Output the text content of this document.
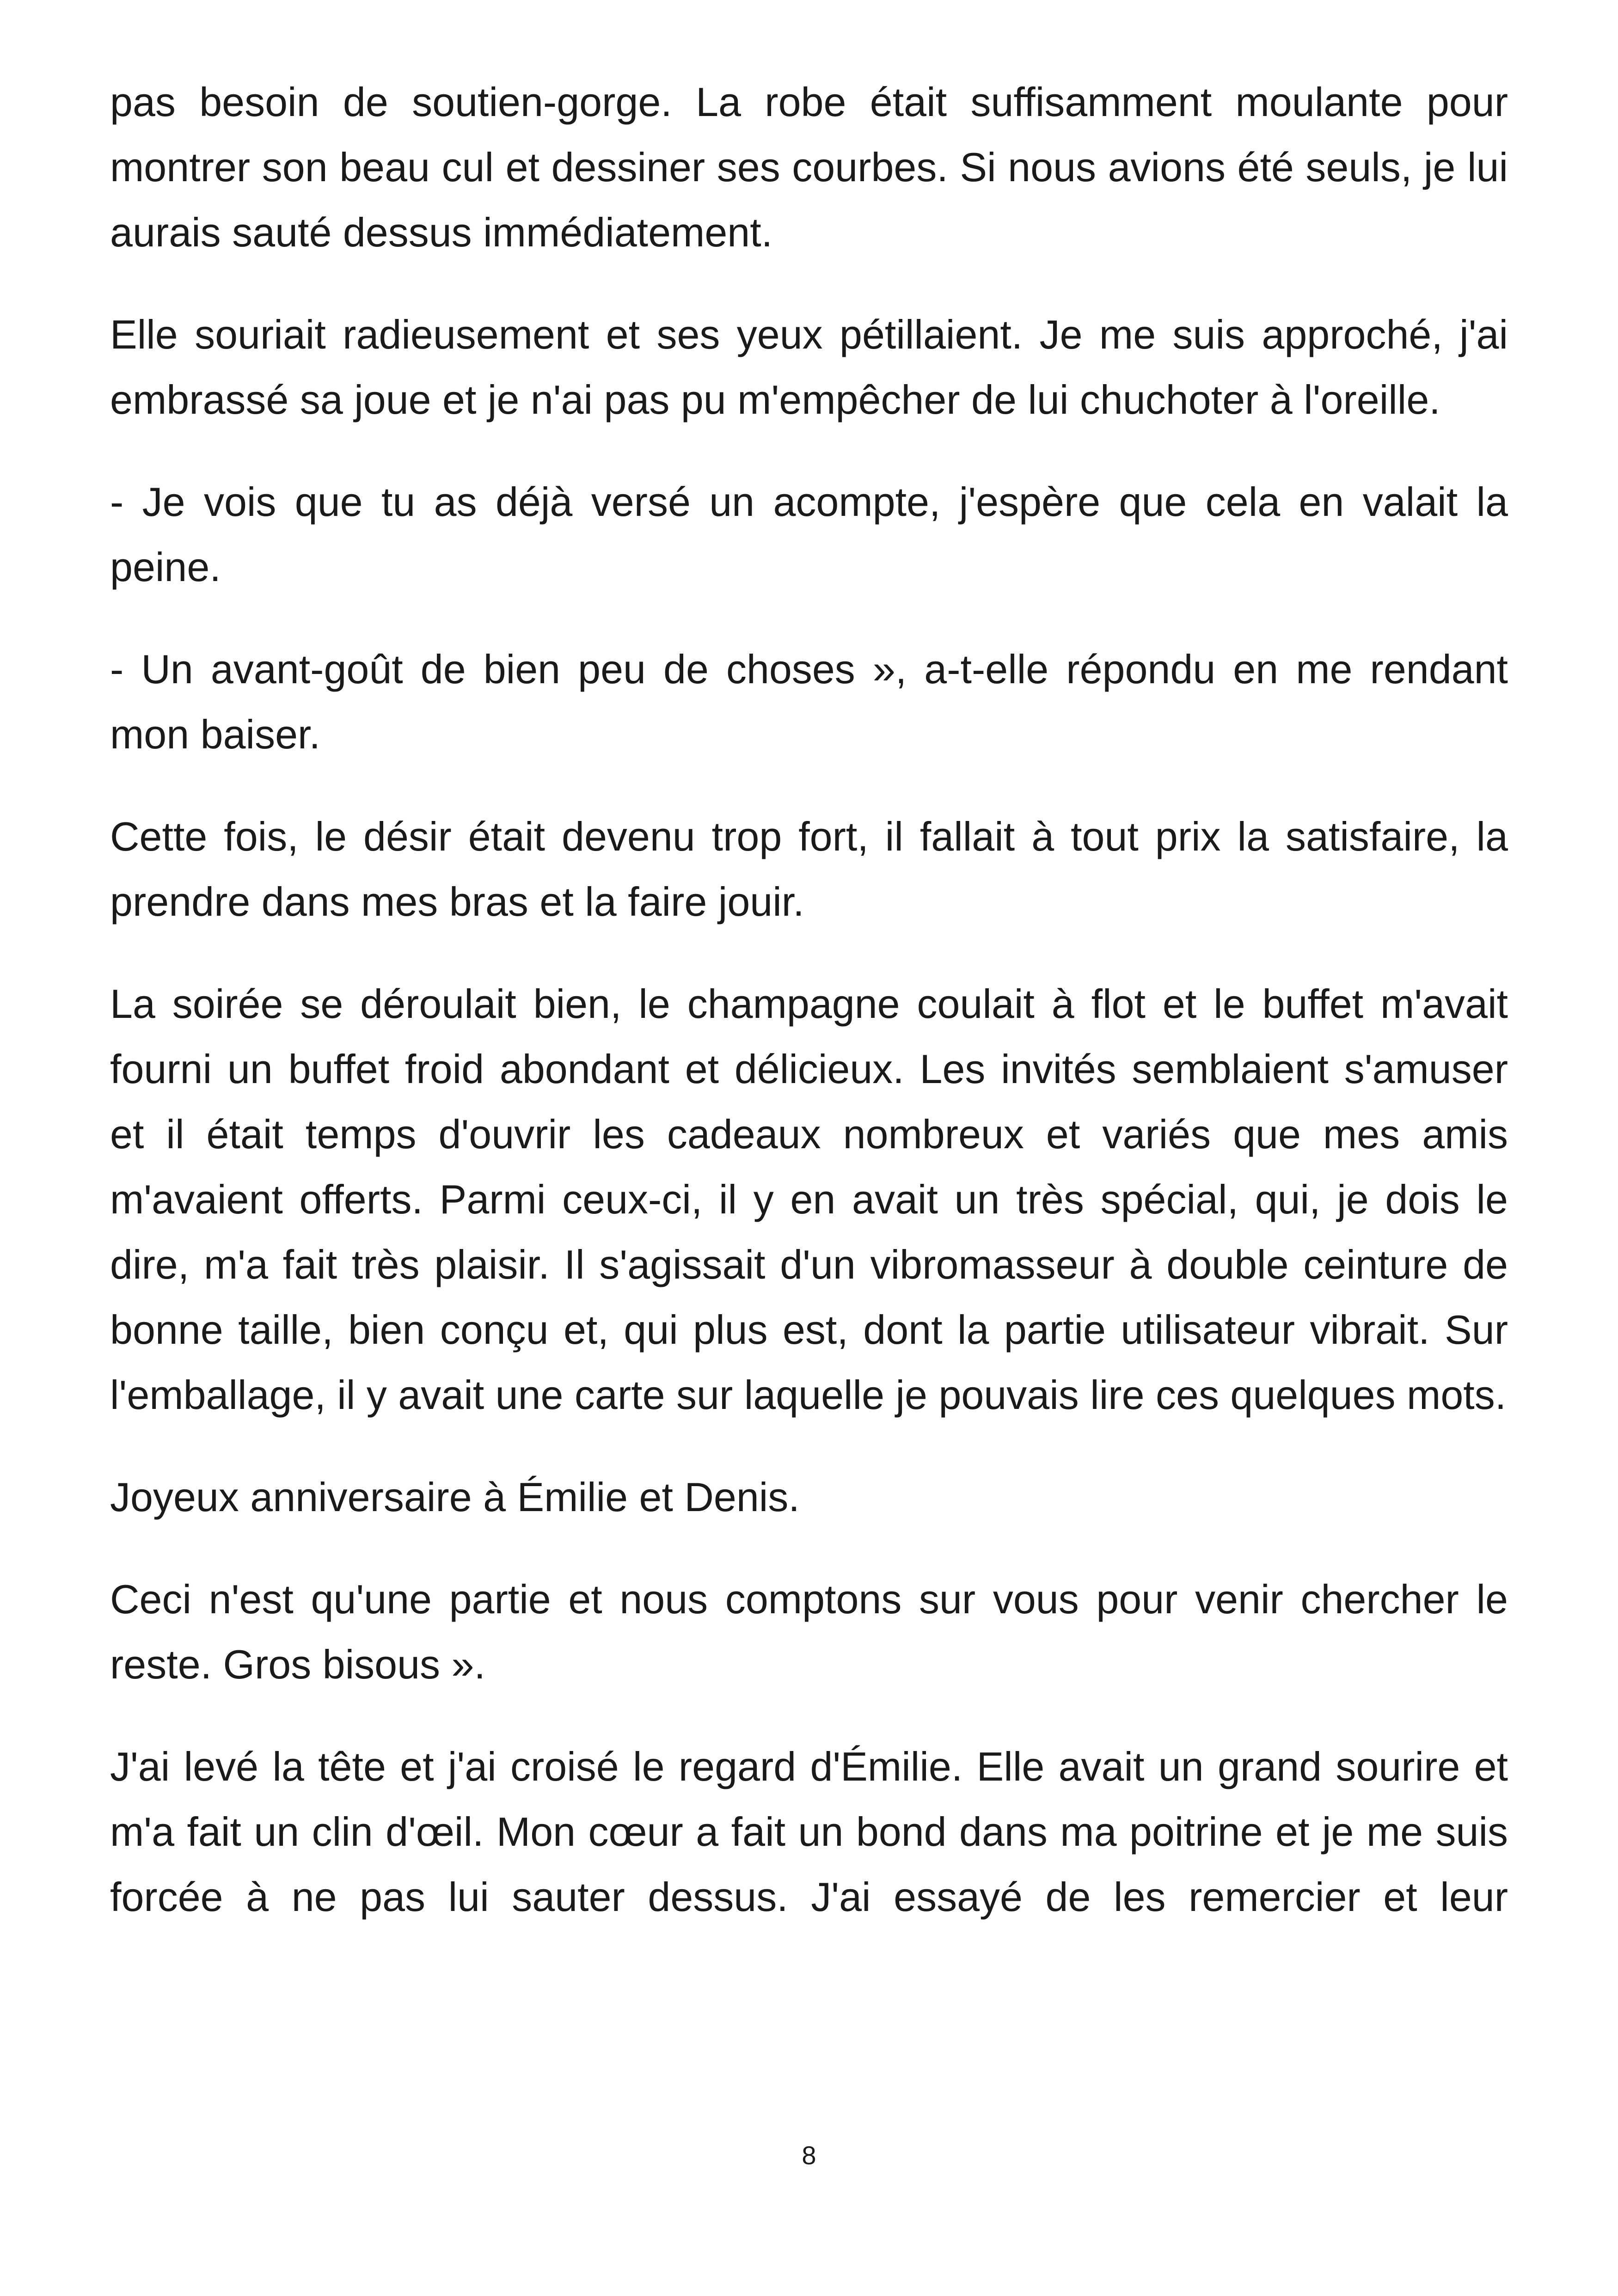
pas besoin de soutien-gorge. La robe était suffisamment moulante pour montrer son beau cul et dessiner ses courbes. Si nous avions été seuls, je lui aurais sauté dessus immédiatement.

Elle souriait radieusement et ses yeux pétillaient. Je me suis approché, j'ai embrassé sa joue et je n'ai pas pu m'empêcher de lui chuchoter à l'oreille.

- Je vois que tu as déjà versé un acompte, j'espère que cela en valait la peine.

- Un avant-goût de bien peu de choses », a-t-elle répondu en me rendant mon baiser.

Cette fois, le désir était devenu trop fort, il fallait à tout prix la satisfaire, la prendre dans mes bras et la faire jouir.

La soirée se déroulait bien, le champagne coulait à flot et le buffet m'avait fourni un buffet froid abondant et délicieux. Les invités semblaient s'amuser et il était temps d'ouvrir les cadeaux nombreux et variés que mes amis m'avaient offerts. Parmi ceux-ci, il y en avait un très spécial, qui, je dois le dire, m'a fait très plaisir. Il s'agissait d'un vibromasseur à double ceinture de bonne taille, bien conçu et, qui plus est, dont la partie utilisateur vibrait. Sur l'emballage, il y avait une carte sur laquelle je pouvais lire ces quelques mots.

Joyeux anniversaire à Émilie et Denis.

Ceci n'est qu'une partie et nous comptons sur vous pour venir chercher le reste. Gros bisous ».

J'ai levé la tête et j'ai croisé le regard d'Émilie. Elle avait un grand sourire et m'a fait un clin d'œil. Mon cœur a fait un bond dans ma poitrine et je me suis forcée à ne pas lui sauter dessus. J'ai essayé de les remercier et leur

8
